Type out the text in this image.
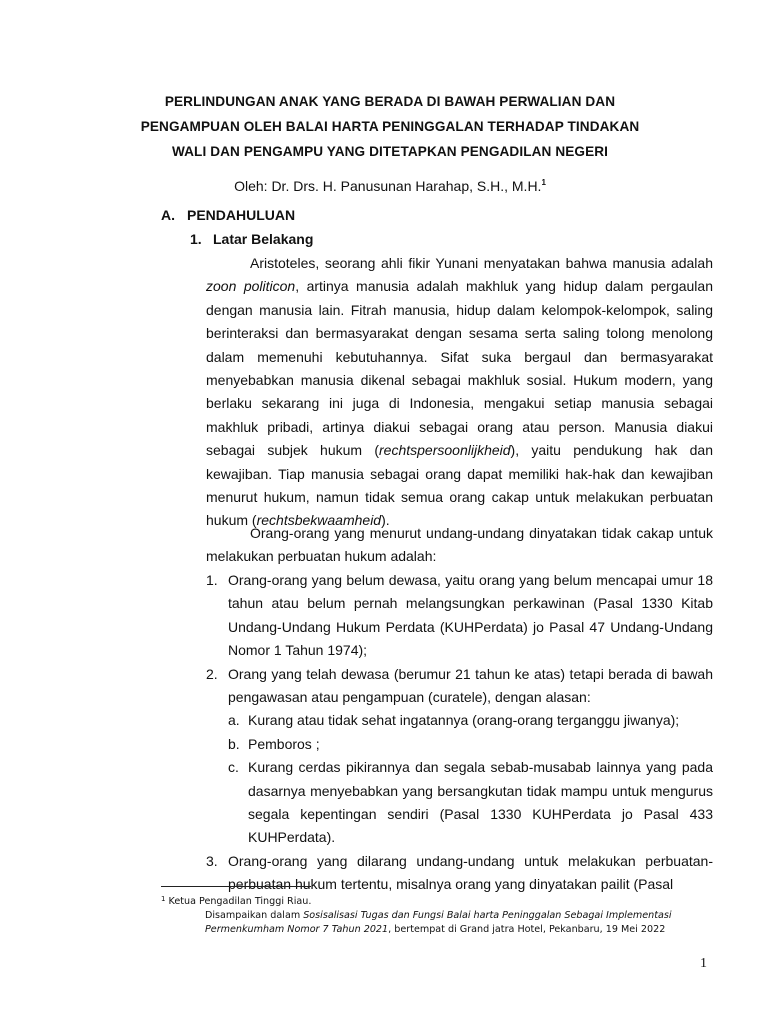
PERLINDUNGAN ANAK YANG BERADA DI BAWAH PERWALIAN DAN
PENGAMPUAN OLEH BALAI HARTA PENINGGALAN TERHADAP TINDAKAN
WALI DAN PENGAMPU YANG DITETAPKAN PENGADILAN NEGERI
Oleh: Dr. Drs. H. Panusunan Harahap, S.H., M.H.$^1$
A. PENDAHULUAN
1. Latar Belakang
Aristoteles, seorang ahli fikir Yunani menyatakan bahwa manusia adalah zoon politicon, artinya manusia adalah makhluk yang hidup dalam pergaulan dengan manusia lain. Fitrah manusia, hidup dalam kelompok-kelompok, saling berinteraksi dan bermasyarakat dengan sesama serta saling tolong menolong dalam memenuhi kebutuhannya. Sifat suka bergaul dan bermasyarakat menyebabkan manusia dikenal sebagai makhluk sosial. Hukum modern, yang berlaku sekarang ini juga di Indonesia, mengakui setiap manusia sebagai makhluk pribadi, artinya diakui sebagai orang atau person. Manusia diakui sebagai subjek hukum (rechtspersoonlijkheid), yaitu pendukung hak dan kewajiban. Tiap manusia sebagai orang dapat memiliki hak-hak dan kewajiban menurut hukum, namun tidak semua orang cakap untuk melakukan perbuatan hukum (rechtsbekwaamheid).
Orang-orang yang menurut undang-undang dinyatakan tidak cakap untuk melakukan perbuatan hukum adalah:
1. Orang-orang yang belum dewasa, yaitu orang yang belum mencapai umur 18 tahun atau belum pernah melangsungkan perkawinan (Pasal 1330 Kitab Undang-Undang Hukum Perdata (KUHPerdata) jo Pasal 47 Undang-Undang Nomor 1 Tahun 1974);
2. Orang yang telah dewasa (berumur 21 tahun ke atas) tetapi berada di bawah pengawasan atau pengampuan (curatele), dengan alasan:
a. Kurang atau tidak sehat ingatannya (orang-orang terganggu jiwanya);
b. Pemboros ;
c. Kurang cerdas pikirannya dan segala sebab-musabab lainnya yang pada dasarnya menyebabkan yang bersangkutan tidak mampu untuk mengurus segala kepentingan sendiri (Pasal 1330 KUHPerdata jo Pasal 433 KUHPerdata).
3. Orang-orang yang dilarang undang-undang untuk melakukan perbuatan-perbuatan hukum tertentu, misalnya orang yang dinyatakan pailit (Pasal
$^1$ Ketua Pengadilan Tinggi Riau.
Disampaikan dalam Sosisalisasi Tugas dan Fungsi Balai harta Peninggalan Sebagai Implementasi Permenkumham Nomor 7 Tahun 2021, bertempat di Grand jatra Hotel, Pekanbaru, 19 Mei 2022
1
